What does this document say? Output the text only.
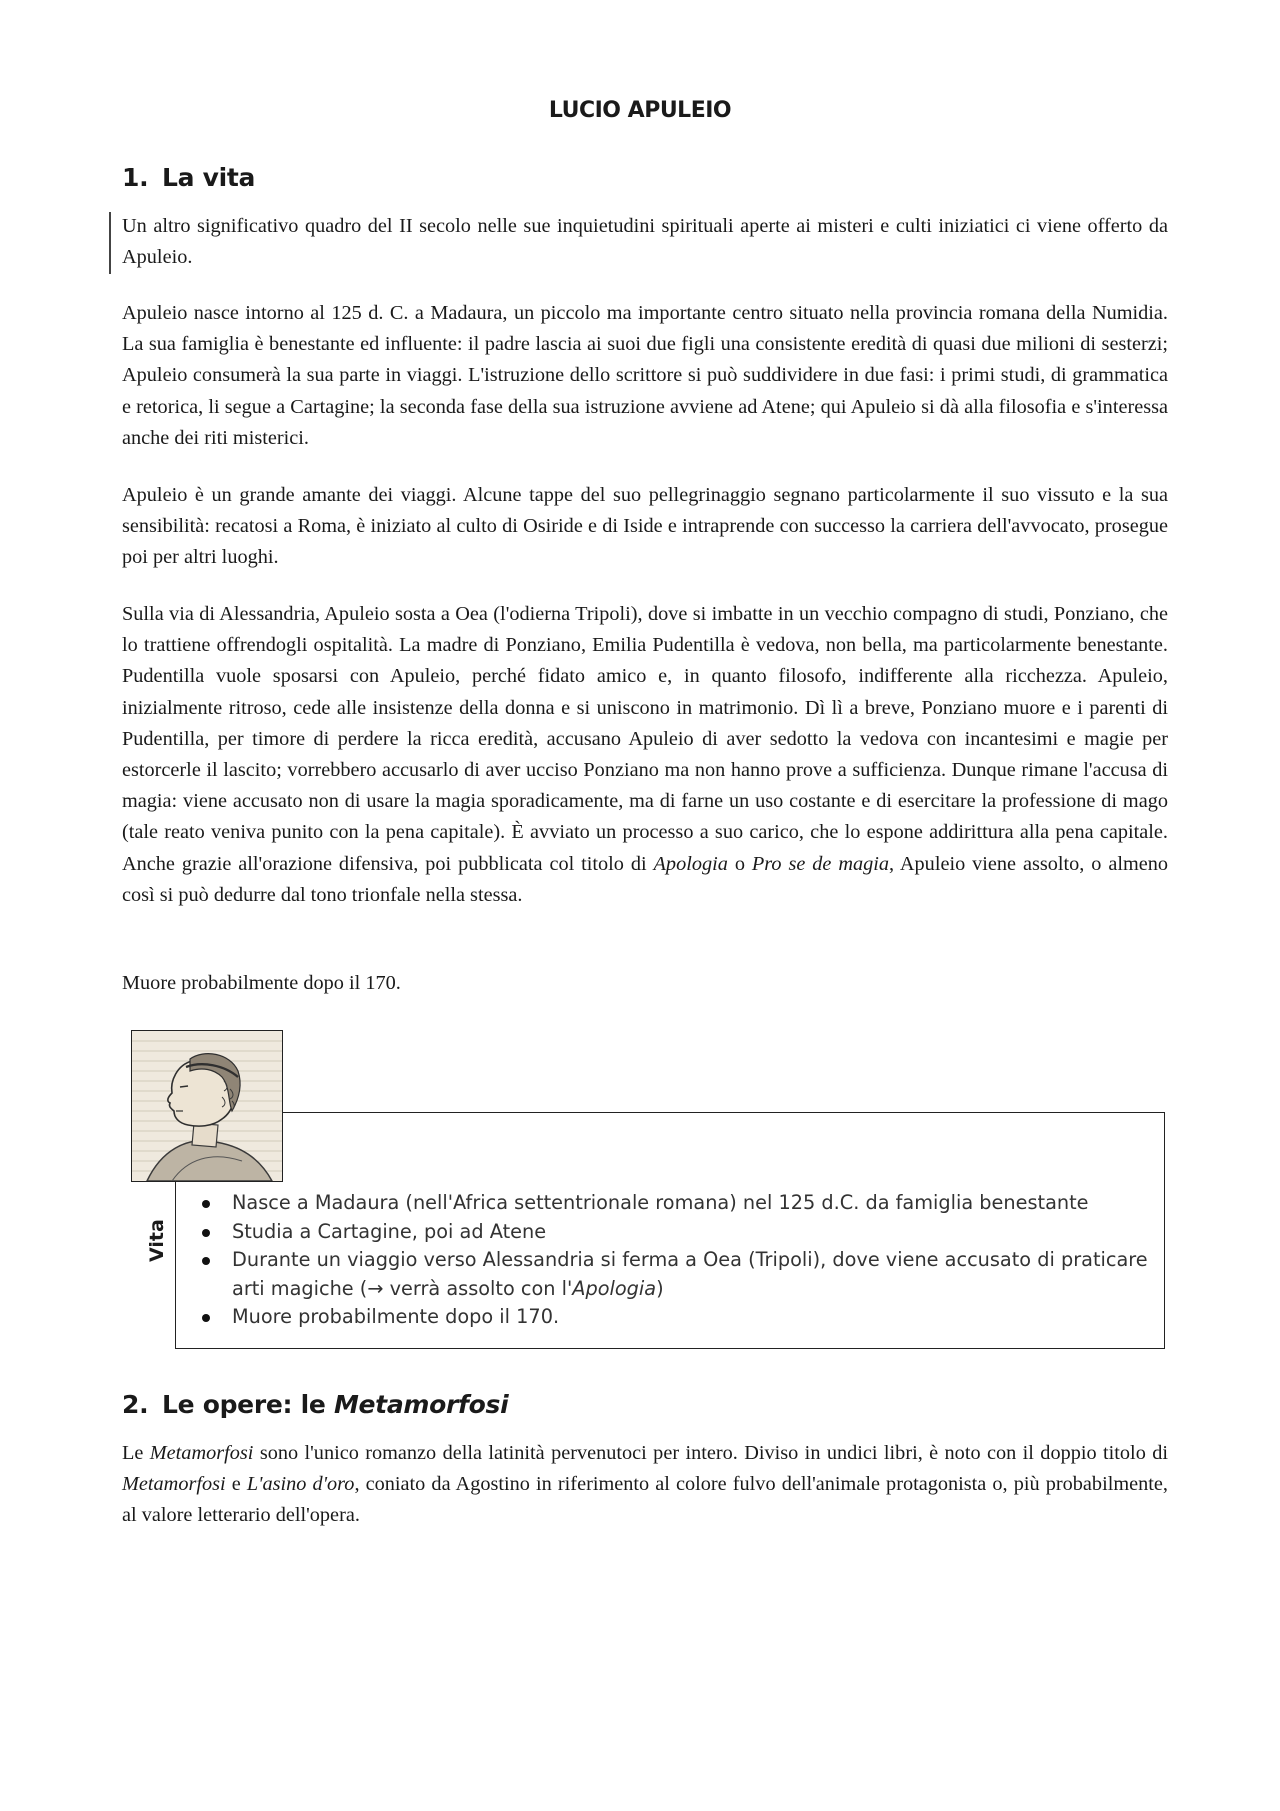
LUCIO APULEIO
1. La vita

Un altro significativo quadro del II secolo nelle sue inquietudini spirituali aperte ai misteri e culti iniziatici ci viene offerto da Apuleio.

Apuleio nasce intorno al 125 d. C. a Madaura, un piccolo ma importante centro situato nella provincia romana della Numidia. La sua famiglia è benestante ed influente: il padre lascia ai suoi due figli una consistente eredità di quasi due milioni di sesterzi; Apuleio consumerà la sua parte in viaggi. L'istruzione dello scrittore si può suddividere in due fasi: i primi studi, di grammatica e retorica, li segue a Cartagine; la seconda fase della sua istruzione avviene ad Atene; qui Apuleio si dà alla filosofia e s'interessa anche dei riti misterici.

Apuleio è un grande amante dei viaggi. Alcune tappe del suo pellegrinaggio segnano particolarmente il suo vissuto e la sua sensibilità: recatosi a Roma, è iniziato al culto di Osiride e di Iside e intraprende con successo la carriera dell'avvocato, prosegue poi per altri luoghi.

Sulla via di Alessandria, Apuleio sosta a Oea (l'odierna Tripoli), dove si imbatte in un vecchio compagno di studi, Ponziano, che lo trattiene offrendogli ospitalità. La madre di Ponziano, Emilia Pudentilla è vedova, non bella, ma particolarmente benestante. Pudentilla vuole sposarsi con Apuleio, perché fidato amico e, in quanto filosofo, indifferente alla ricchezza. Apuleio, inizialmente ritroso, cede alle insistenze della donna e si uniscono in matrimonio. Dì lì a breve, Ponziano muore e i parenti di Pudentilla, per timore di perdere la ricca eredità, accusano Apuleio di aver sedotto la vedova con incantesimi e magie per estorcerle il lascito; vorrebbero accusarlo di aver ucciso Ponziano ma non hanno prove a sufficienza. Dunque rimane l'accusa di magia: viene accusato non di usare la magia sporadicamente, ma di farne un uso costante e di esercitare la professione di mago (tale reato veniva punito con la pena capitale). È avviato un processo a suo carico, che lo espone addirittura alla pena capitale. Anche grazie all'orazione difensiva, poi pubblicata col titolo di Apologia o Pro se de magia, Apuleio viene assolto, o almeno così si può dedurre dal tono trionfale nella stessa.

Muore probabilmente dopo il 170.

Vita
Nasce a Madaura (nell'Africa settentrionale romana) nel 125 d.C. da famiglia benestante
Studia a Cartagine, poi ad Atene
Durante un viaggio verso Alessandria si ferma a Oea (Tripoli), dove viene accusato di praticare arti magiche (→ verrà assolto con l'Apologia)
Muore probabilmente dopo il 170.
2. Le opere: le Metamorfosi

Le Metamorfosi sono l'unico romanzo della latinità pervenutoci per intero. Diviso in undici libri, è noto con il doppio titolo di Metamorfosi e L'asino d'oro, coniato da Agostino in riferimento al colore fulvo dell'animale protagonista o, più probabilmente, al valore letterario dell'opera.
